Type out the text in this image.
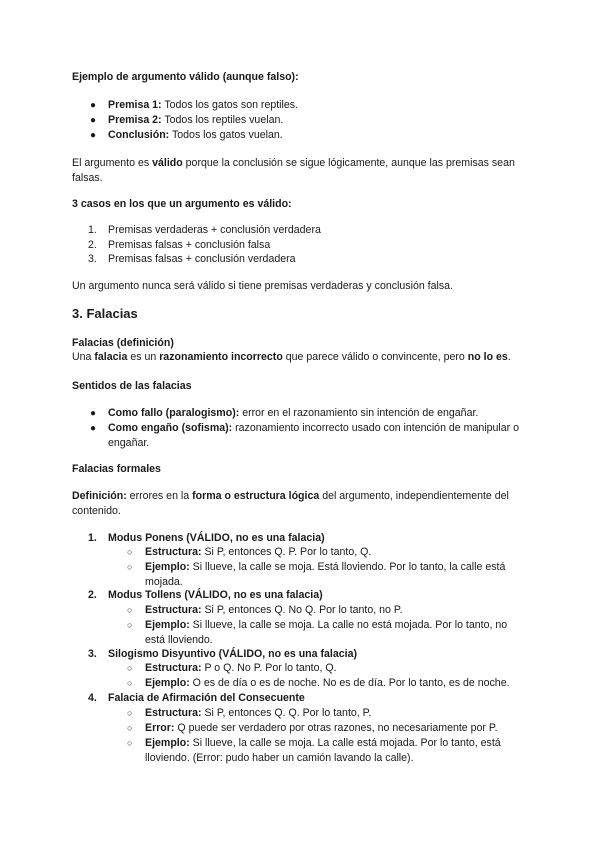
Ejemplo de argumento válido (aunque falso):
● Premisa 1: Todos los gatos son reptiles.
● Premisa 2: Todos los reptiles vuelan.
● Conclusión: Todos los gatos vuelan.
El argumento es válido porque la conclusión se sigue lógicamente, aunque las premisas sean falsas.
3 casos en los que un argumento es válido:
1. Premisas verdaderas + conclusión verdadera
2. Premisas falsas + conclusión falsa
3. Premisas falsas + conclusión verdadera
Un argumento nunca será válido si tiene premisas verdaderas y conclusión falsa.
3. Falacias
Falacias (definición)
Una falacia es un razonamiento incorrecto que parece válido o convincente, pero no lo es.
Sentidos de las falacias
● Como fallo (paralogismo): error en el razonamiento sin intención de engañar.
● Como engaño (sofisma): razonamiento incorrecto usado con intención de manipular o engañar.
Falacias formales
Definición: errores en la forma o estructura lógica del argumento, independientemente del contenido.
1. Modus Ponens (VÁLIDO, no es una falacia)
○ Estructura: Si P, entonces Q. P. Por lo tanto, Q.
○ Ejemplo: Si llueve, la calle se moja. Está lloviendo. Por lo tanto, la calle está mojada.
2. Modus Tollens (VÁLIDO, no es una falacia)
○ Estructura: Si P, entonces Q. No Q. Por lo tanto, no P.
○ Ejemplo: Si llueve, la calle se moja. La calle no está mojada. Por lo tanto, no está lloviendo.
3. Silogismo Disyuntivo (VÁLIDO, no es una falacia)
○ Estructura: P o Q. No P. Por lo tanto, Q.
○ Ejemplo: O es de día o es de noche. No es de día. Por lo tanto, es de noche.
4. Falacia de Afirmación del Consecuente
○ Estructura: Si P, entonces Q. Q. Por lo tanto, P.
○ Error: Q puede ser verdadero por otras razones, no necesariamente por P.
○ Ejemplo: Si llueve, la calle se moja. La calle está mojada. Por lo tanto, está lloviendo. (Error: pudo haber un camión lavando la calle).
